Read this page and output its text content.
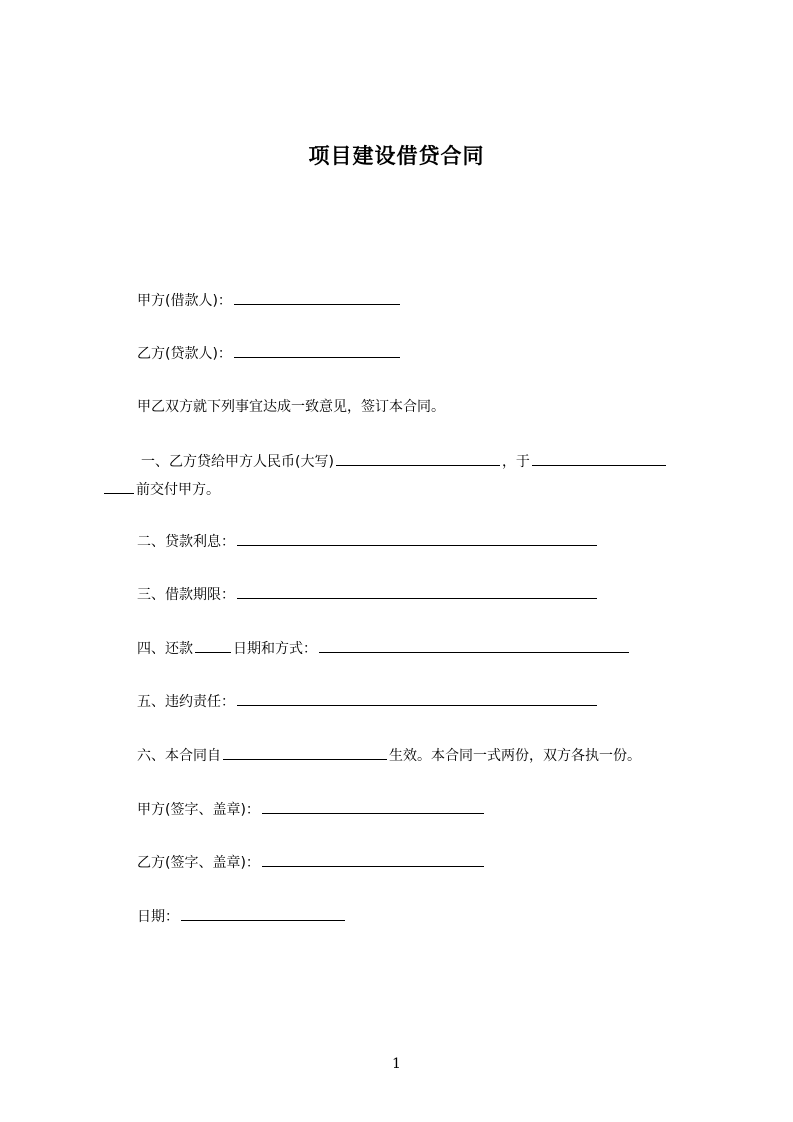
项目建设借贷合同
甲方(借款人)：
乙方(贷款人)：
甲乙双方就下列事宜达成一致意见，签订本合同。
一、乙方贷给甲方人民币(大写)	，于
前交付甲方。
二、贷款利息：
三、借款期限：
四、还款	日期和方式：
五、违约责任：
六、本合同自	生效。本合同一式两份，双方各执一份。
甲方(签字、盖章)：
乙方(签字、盖章)：
日期：
1
